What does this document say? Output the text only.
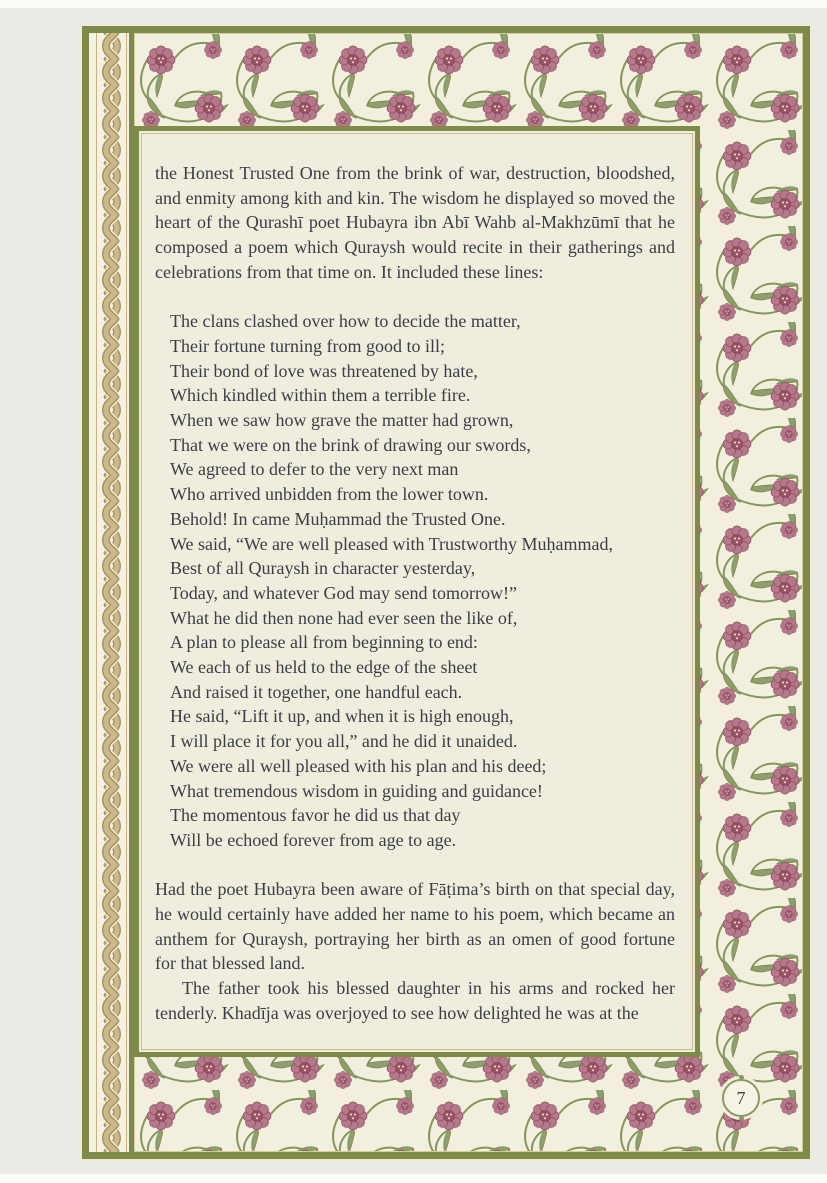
the Honest Trusted One from the brink of war, destruction, bloodshed, and enmity among kith and kin. The wisdom he displayed so moved the heart of the Qurashī poet Hubayra ibn Abī Wahb al-Makhzūmī that he composed a poem which Quraysh would recite in their gatherings and celebrations from that time on. It included these lines:

The clans clashed over how to decide the matter,
Their fortune turning from good to ill;
Their bond of love was threatened by hate,
Which kindled within them a terrible fire.
When we saw how grave the matter had grown,
That we were on the brink of drawing our swords,
We agreed to defer to the very next man
Who arrived unbidden from the lower town.
Behold! In came Muḥammad the Trusted One.
We said, “We are well pleased with Trustworthy Muḥammad,
Best of all Quraysh in character yesterday,
Today, and whatever God may send tomorrow!”
What he did then none had ever seen the like of,
A plan to please all from beginning to end:
We each of us held to the edge of the sheet
And raised it together, one handful each.
He said, “Lift it up, and when it is high enough,
I will place it for you all,” and he did it unaided.
We were all well pleased with his plan and his deed;
What tremendous wisdom in guiding and guidance!
The momentous favor he did us that day
Will be echoed forever from age to age.

Had the poet Hubayra been aware of Fāṭima’s birth on that special day, he would certainly have added her name to his poem, which became an anthem for Quraysh, portraying her birth as an omen of good fortune for that blessed land.

The father took his blessed daughter in his arms and rocked her tenderly. Khadīja was overjoyed to see how delighted he was at the

7
